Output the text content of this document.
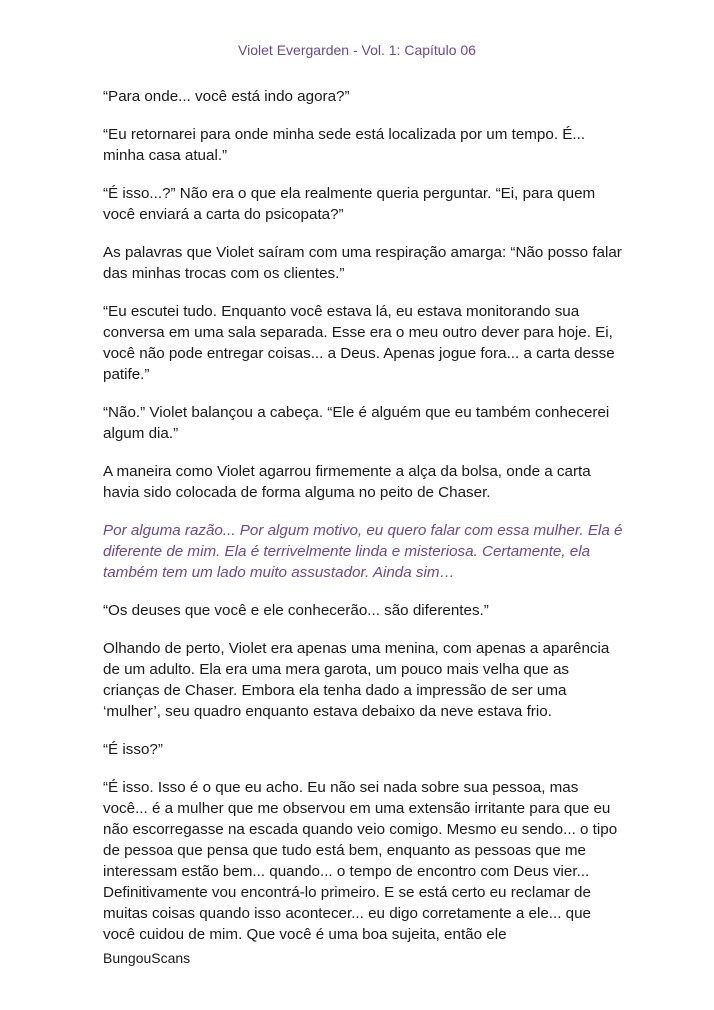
Violet Evergarden - Vol. 1: Capítulo 06

“Para onde... você está indo agora?”

“Eu retornarei para onde minha sede está localizada por um tempo. É... minha casa atual.”

“É isso...?” Não era o que ela realmente queria perguntar. “Ei, para quem você enviará a carta do psicopata?”

As palavras que Violet saíram com uma respiração amarga: “Não posso falar das minhas trocas com os clientes.”

“Eu escutei tudo. Enquanto você estava lá, eu estava monitorando sua conversa em uma sala separada. Esse era o meu outro dever para hoje. Ei, você não pode entregar coisas... a Deus. Apenas jogue fora... a carta desse patife.”

“Não.” Violet balançou a cabeça. “Ele é alguém que eu também conhecerei algum dia.”

A maneira como Violet agarrou firmemente a alça da bolsa, onde a carta havia sido colocada de forma alguma no peito de Chaser.

Por alguma razão... Por algum motivo, eu quero falar com essa mulher. Ela é diferente de mim. Ela é terrivelmente linda e misteriosa. Certamente, ela também tem um lado muito assustador. Ainda sim…

“Os deuses que você e ele conhecerão... são diferentes.”

Olhando de perto, Violet era apenas uma menina, com apenas a aparência de um adulto. Ela era uma mera garota, um pouco mais velha que as crianças de Chaser. Embora ela tenha dado a impressão de ser uma ‘mulher’, seu quadro enquanto estava debaixo da neve estava frio.

“É isso?”

“É isso. Isso é o que eu acho. Eu não sei nada sobre sua pessoa, mas você... é a mulher que me observou em uma extensão irritante para que eu não escorregasse na escada quando veio comigo. Mesmo eu sendo... o tipo de pessoa que pensa que tudo está bem, enquanto as pessoas que me interessam estão bem... quando... o tempo de encontro com Deus vier... Definitivamente vou encontrá-lo primeiro. E se está certo eu reclamar de muitas coisas quando isso acontecer... eu digo corretamente a ele... que você cuidou de mim. Que você é uma boa sujeita, então ele

BungouScans
